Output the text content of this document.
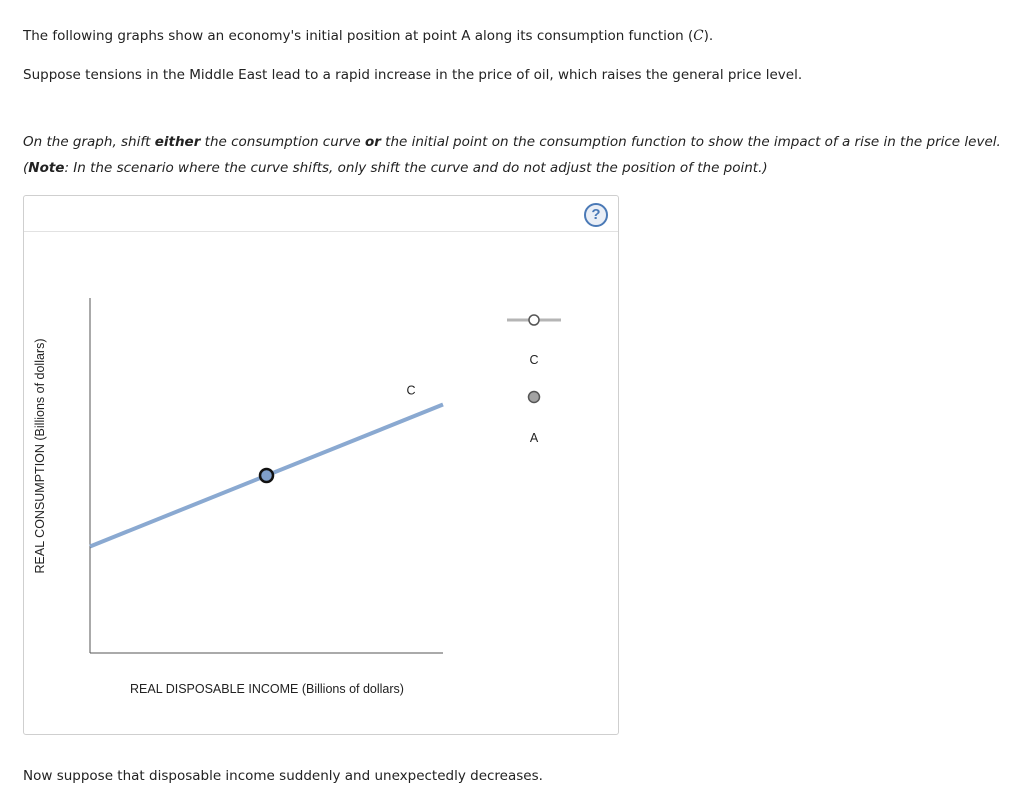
The following graphs show an economy's initial position at point A along its consumption function (C).
Suppose tensions in the Middle East lead to a rapid increase in the price of oil, which raises the general price level.
On the graph, shift either the consumption curve or the initial point on the consumption function to show the impact of a rise in the price level.
(Note: In the scenario where the curve shifts, only shift the curve and do not adjust the position of the point.)
?
REAL CONSUMPTION (Billions of dollars)
REAL DISPOSABLE INCOME (Billions of dollars)
C
C
A
Now suppose that disposable income suddenly and unexpectedly decreases.
